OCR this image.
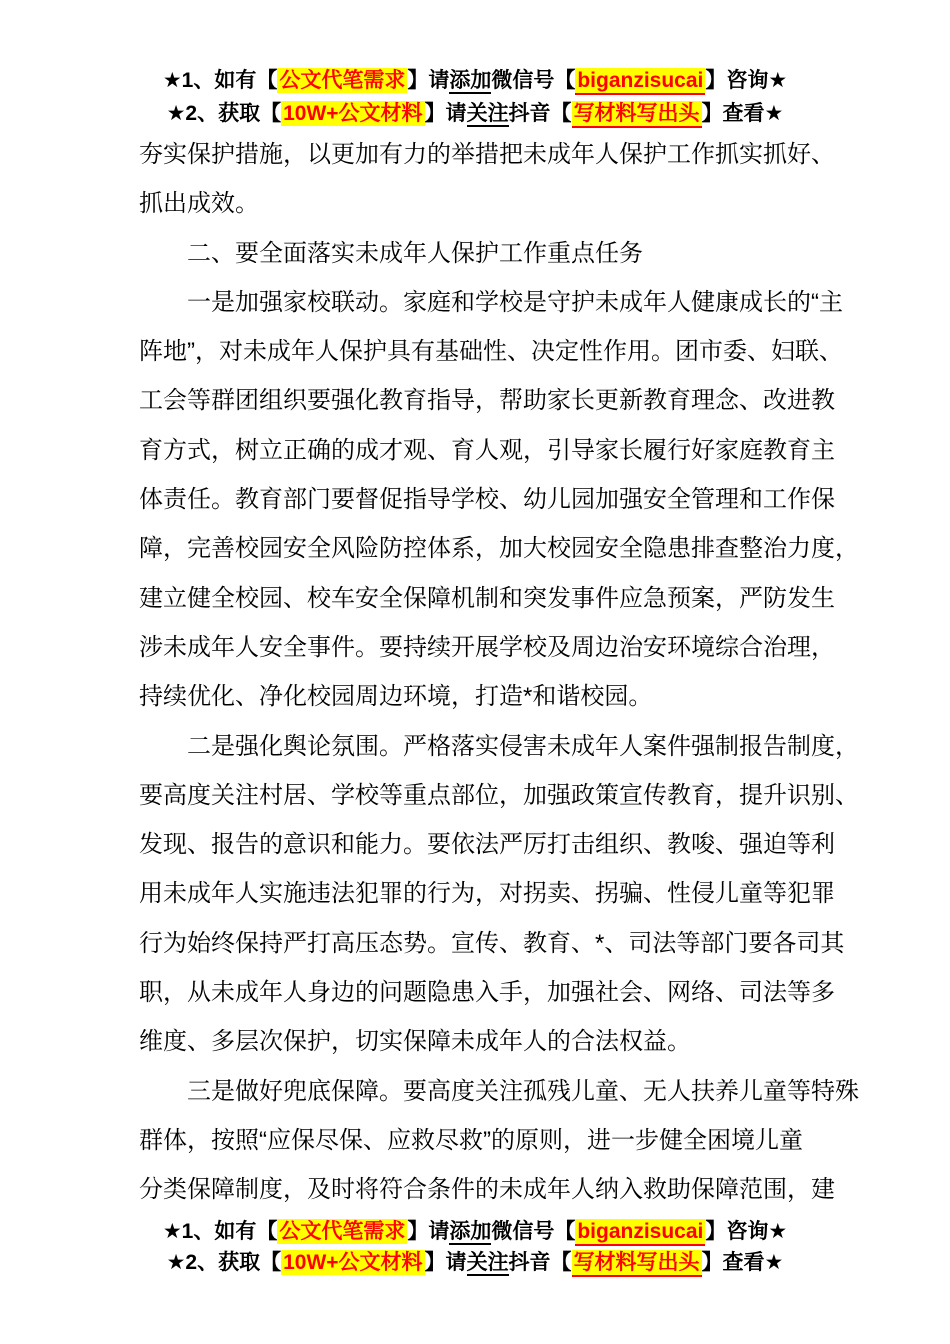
★1、如有【公文代笔需求】请添加微信号【biganzisucai】咨询★
★2、获取【10W+公文材料】请关注抖音【写材料写出头】查看★
夯实保护措施，以更加有力的举措把未成年人保护工作抓实抓好、
抓出成效。
二、要全面落实未成年人保护工作重点任务
一是加强家校联动。家庭和学校是守护未成年人健康成长的“主
阵地”，对未成年人保护具有基础性、决定性作用。团市委、妇联、
工会等群团组织要强化教育指导，帮助家长更新教育理念、改进教
育方式，树立正确的成才观、育人观，引导家长履行好家庭教育主
体责任。教育部门要督促指导学校、幼儿园加强安全管理和工作保
障，完善校园安全风险防控体系，加大校园安全隐患排查整治力度，
建立健全校园、校车安全保障机制和突发事件应急预案，严防发生
涉未成年人安全事件。要持续开展学校及周边治安环境综合治理，
持续优化、净化校园周边环境，打造*和谐校园。
二是强化舆论氛围。严格落实侵害未成年人案件强制报告制度，
要高度关注村居、学校等重点部位，加强政策宣传教育，提升识别、
发现、报告的意识和能力。要依法严厉打击组织、教唆、强迫等利
用未成年人实施违法犯罪的行为，对拐卖、拐骗、性侵儿童等犯罪
行为始终保持严打高压态势。宣传、教育、*、司法等部门要各司其
职，从未成年人身边的问题隐患入手，加强社会、网络、司法等多
维度、多层次保护，切实保障未成年人的合法权益。
三是做好兜底保障。要高度关注孤残儿童、无人扶养儿童等特殊
群体，按照“应保尽保、应救尽救”的原则，进一步健全困境儿童
分类保障制度，及时将符合条件的未成年人纳入救助保障范围，建
★1、如有【公文代笔需求】请添加微信号【biganzisucai】咨询★
★2、获取【10W+公文材料】请关注抖音【写材料写出头】查看★
